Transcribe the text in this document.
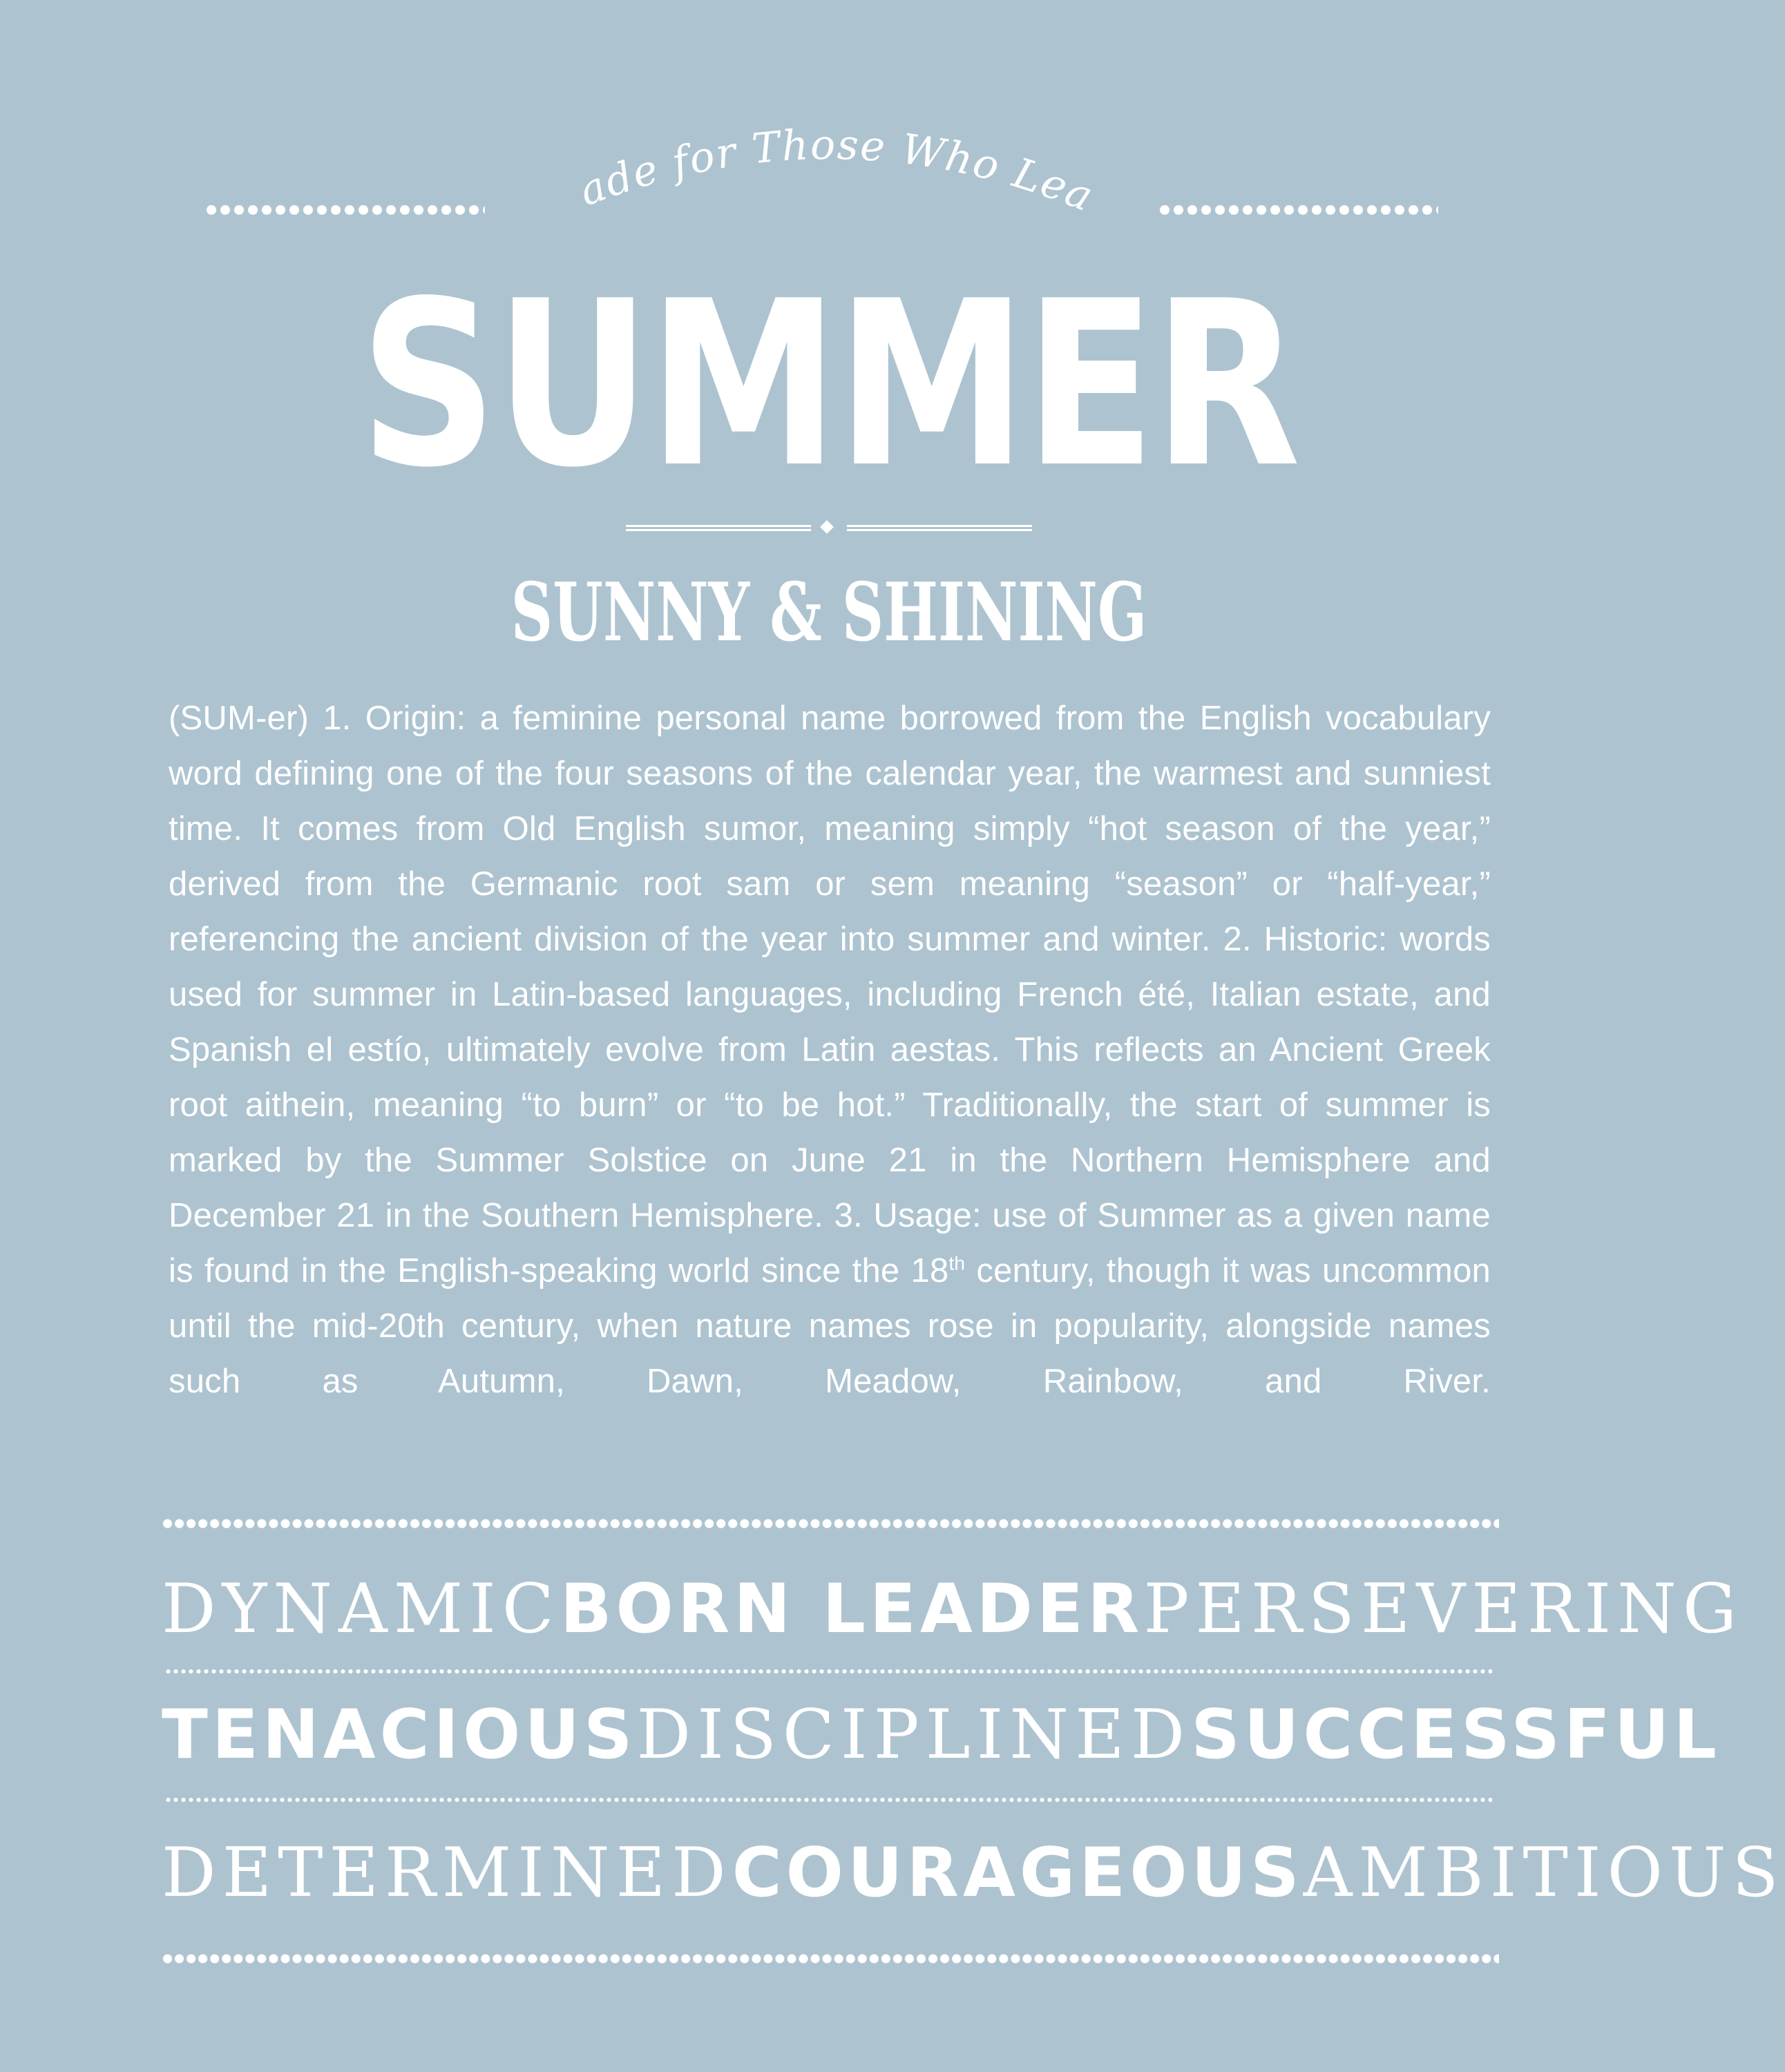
Made for Those Who Lead
SUMMER
SUNNY & SHINING
(SUM-er) 1. Origin: a feminine personal name borrowed from the English vocabulary word defining one of the four seasons of the calendar year, the warmest and sunniest time. It comes from Old English sumor, meaning simply “hot season of the year,” derived from the Germanic root sam or sem meaning “season” or “half-year,” referencing the ancient division of the year into summer and winter. 2. Historic: words used for summer in Latin-based languages, including French été, Italian estate, and Spanish el estío, ultimately evolve from Latin aestas. This reflects an Ancient Greek root aithein, meaning “to burn” or “to be hot.” Traditionally, the start of summer is marked by the Summer Solstice on June 21 in the Northern Hemisphere and December 21 in the Southern Hemisphere. 3. Usage: use of Summer as a given name is found in the English-speaking world since the 18th century, though it was uncommon until the mid-20th century, when nature names rose in popularity, alongside names such as Autumn, Dawn, Meadow, Rainbow, and River.
DYNAMIC BORN LEADER PERSEVERING
TENACIOUS DISCIPLINED SUCCESSFUL
DETERMINED COURAGEOUS AMBITIOUS
